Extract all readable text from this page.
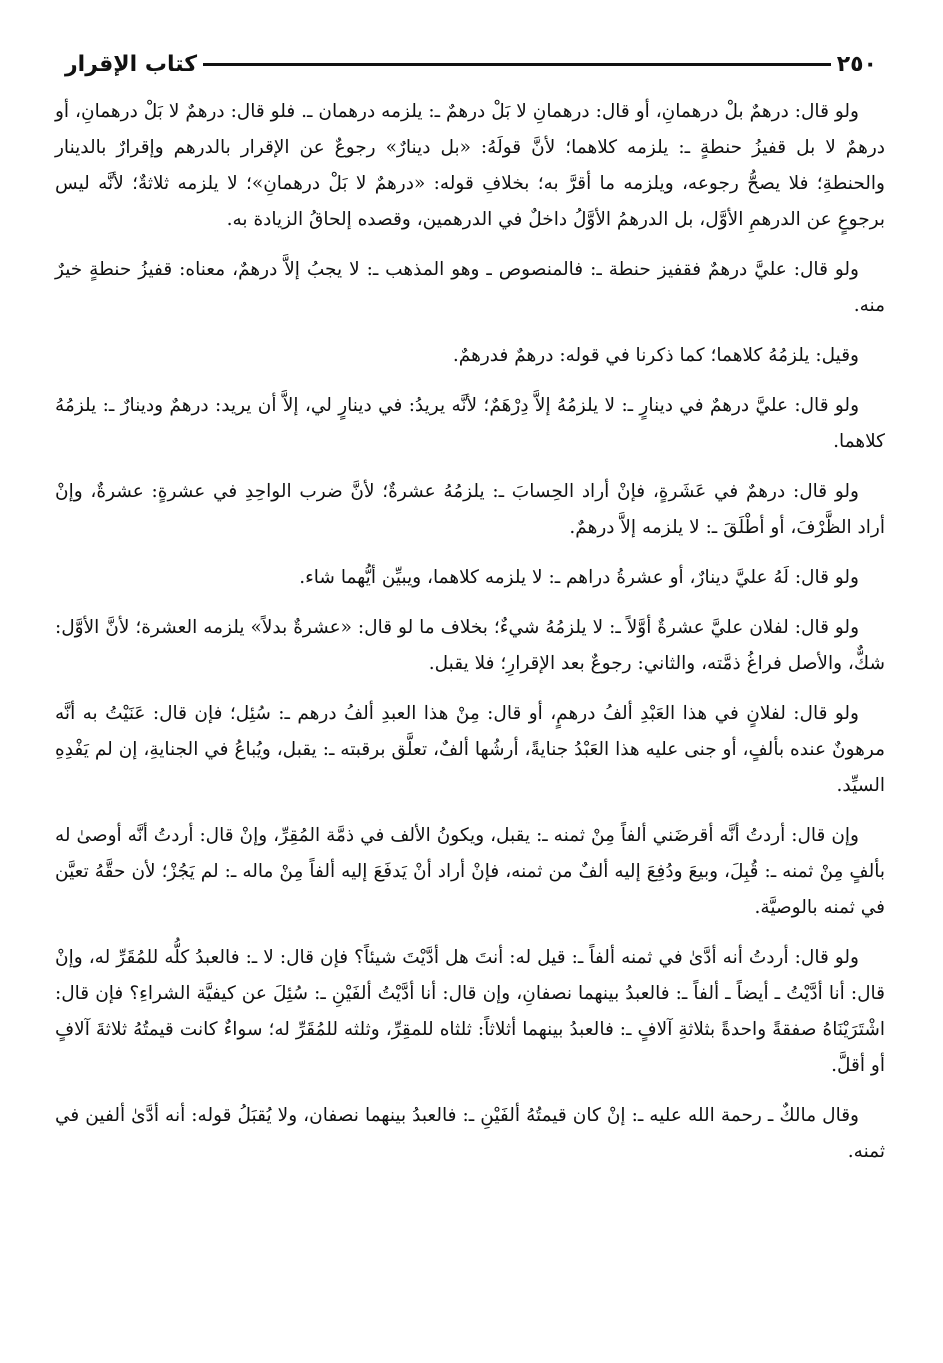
٢٥٠
كتاب الإقرار

ولو قال: درهمٌ بلْ درهمانِ، أو قال: درهمانِ لا بَلْ درهمٌ ـ: يلزمه درهمان ـ. فلو قال: درهمٌ لا بَلْ درهمانِ، أو درهمٌ لا بل قفيزُ حنطةٍ ـ: يلزمه كلاهما؛ لأنَّ قولَهُ: «بل دينارٌ» رجوعٌ عن الإقرار بالدرهم وإقرارٌ بالدينار والحنطةِ؛ فلا يصحُّ رجوعه، ويلزمه ما أقرَّ به؛ بخلافِ قوله: «درهمٌ لا بَلْ درهمانِ»؛ لا يلزمه ثلاثةٌ؛ لأنَّه ليس برجوعٍ عن الدرهمِ الأوَّل، بل الدرهمُ الأوَّلُ داخلٌ في الدرهمين، وقصده إلحاقُ الزيادة به.

ولو قال: عليَّ درهمٌ فقفيز حنطة ـ: فالمنصوص ـ وهو المذهب ـ: لا يجبُ إلاَّ درهمٌ، معناه: قفيزُ حنطةٍ خيرٌ منه.

وقيل: يلزمُهُ كلاهما؛ كما ذكرنا في قوله: درهمٌ فدرهمٌ.

ولو قال: عليَّ درهمٌ في دينارٍ ـ: لا يلزمُهُ إلاَّ دِرْهَمٌ؛ لأنَّه يريدُ: في دينارٍ لي، إلاَّ أن يريد: درهمٌ ودينارٌ ـ: يلزمُهُ كلاهما.

ولو قال: درهمٌ في عَشَرةٍ، فإنْ أراد الحِسابَ ـ: يلزمُهُ عشرةٌ؛ لأنَّ ضرب الواحِدِ في عشرةٍ: عشرةٌ، وإنْ أراد الظَّرْفَ، أو أطْلَقَ ـ: لا يلزمه إلاَّ درهمٌ.

ولو قال: لَهُ عليَّ دينارٌ، أو عشرةُ دراهم ـ: لا يلزمه كلاهما، ويبيِّن أيُّهما شاء.

ولو قال: لفلان عليَّ عشرةٌ أوَّلاً ـ: لا يلزمُهُ شيءٌ؛ بخلاف ما لو قال: «عشرةٌ بدلاً» يلزمه العشرة؛ لأنَّ الأوَّل: شكٌّ، والأصل فراغُ ذمَّته، والثاني: رجوعٌ بعد الإقرارِ؛ فلا يقبل.

ولو قال: لفلانٍ في هذا العَبْدِ ألفُ درهمٍ، أو قال: مِنْ هذا العبدِ ألفُ درهم ـ: سُئِل؛ فإن قال: عَنَيْتُ به أنَّه مرهونٌ عنده بألفٍ، أو جنى عليه هذا العَبْدُ جنايةً، أرشُها ألفٌ، تعلَّق برقبته ـ: يقبل، ويُباعُ في الجنايةِ، إن لم يَفْدِهِ السيِّد.

وإن قال: أردتُ أنَّه أقرضَني ألفاً مِنْ ثمنه ـ: يقبل، ويكونُ الألف في ذمَّة المُقِرِّ، وإنْ قال: أردتُ أنَّه أوصىٰ له بألفٍ مِنْ ثمنه ـ: قُبِلَ، وبيعَ ودُفِعَ إليه ألفٌ من ثمنه، فإنْ أراد أنْ يَدفَعَ إليه ألفاً مِنْ ماله ـ: لم يَجُزْ؛ لأن حقَّهُ تعيَّن في ثمنه بالوصيَّة.

ولو قال: أردتُ أنه أدَّىٰ في ثمنه ألفاً ـ: قيل له: أنتَ هل أدَّيْتَ شيئاً؟ فإن قال: لا ـ: فالعبدُ كلُّه للمُقَرِّ له، وإنْ قال: أنا أدَّيْتُ ـ أيضاً ـ ألفاً ـ: فالعبدُ بينهما نصفانِ، وإن قال: أنا أدَّيْتُ ألفَيْنِ ـ: سُئِلَ عن كيفيَّة الشراءِ؟ فإن قال: اشْتَرَيْنَاهُ صفقةً واحدةً بثلاثةِ آلافٍ ـ: فالعبدُ بينهما أثلاثاً: ثلثاه للمقِرِّ، وثلثه للمُقَرِّ له؛ سواءٌ كانت قيمتُهُ ثلاثةَ آلافٍ أو أقلَّ.

وقال مالكٌ ـ رحمة الله عليه ـ: إنْ كان قيمتُهُ ألفَيْنِ ـ: فالعبدُ بينهما نصفان، ولا يُقبَلُ قوله: أنه أدَّىٰ ألفين في ثمنه.
